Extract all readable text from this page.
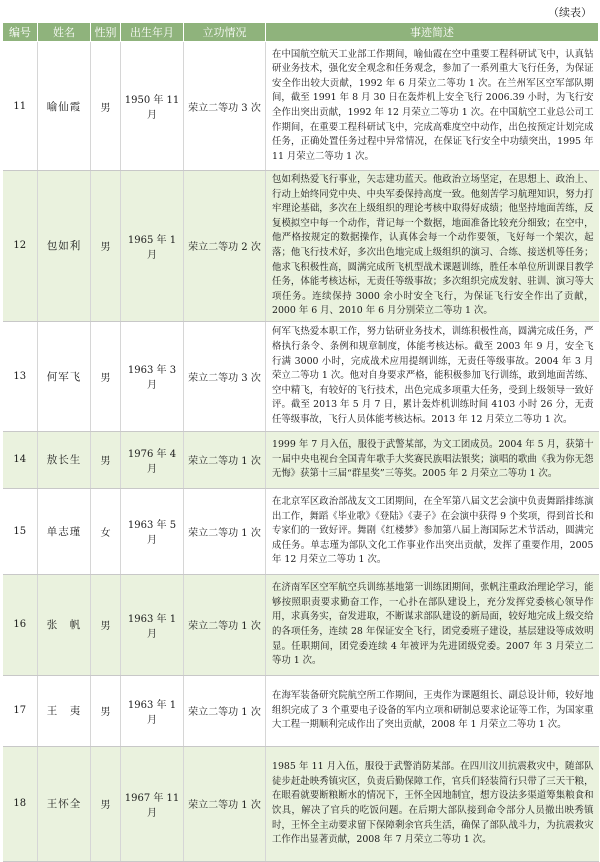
（续表）
编号	姓名	性别	出生年月	立功情况	事迹简述
11	喻仙霞	男	1950 年 11 月	荣立二等功 3 次	在中国航空航天工业部工作期间，喻仙霞在空中重要工程科研试飞中，认真钻研业务技术，强化安全观念和任务观念，参加了一系列重大飞行任务，为保证安全作出较大贡献，1992 年 6 月荣立二等功 1 次。在兰州军区空军部队期间，截至 1991 年 8 月 30 日在轰炸机上安全飞行 2006.39 小时，为飞行安全作出突出贡献，1992 年 12 月荣立二等功 1 次。在中国航空工业总公司工作期间，在重要工程科研试飞中，完成高难度空中动作，出色按预定计划完成任务，正确处置任务过程中异常情况，在保证飞行安全中功绩突出，1995 年 11 月荣立二等功 1 次。
12	包如利	男	1965 年 1 月	荣立二等功 2 次	包如利热爱飞行事业，矢志建功蓝天。他政治立场坚定，在思想上、政治上、行动上始终同党中央、中央军委保持高度一致。他刻苦学习航理知识，努力打牢理论基础，多次在上级组织的理论考核中取得好成绩；他坚持地面苦练，反复模拟空中每一个动作，背记每一个数据，地面准备比较充分细致；在空中，他严格按规定的数据操作，认真体会每一个动作要领，飞好每一个架次，起落；他飞行技术好，多次出色地完成上级组织的演习、合练、接送机等任务；他求飞积极性高，圆满完成所飞机型战术课题训练，胜任本单位所训课目教学任务，体能考核达标，无责任等级事故；多次组织完成发射、驻训、演习等大项任务。连续保持 3000 余小时安全飞行，为保证飞行安全作出了贡献，2000 年 6 月、2010 年 6 月分别荣立二等功 1 次。
13	何军飞	男	1963 年 3 月	荣立二等功 3 次	何军飞热爱本职工作，努力钻研业务技术，训练积极性高，圆满完成任务，严格执行条令、条例和规章制度，体能考核达标。截至 2003 年 9 月，安全飞行满 3000 小时，完成战术应用提纲训练，无责任等级事故。2004 年 3 月荣立二等功 1 次。他对自身要求严格，能积极参加飞行训练，敢到地面苦练、空中精飞，有较好的飞行技术，出色完成多项重大任务，受到上级领导一致好评。截至 2013 年 5 月 7 日，累计轰炸机训练时间 4103 小时 26 分，无责任等级事故，飞行人员体能考核达标。2013 年 12 月荣立二等功 1 次。
14	敖长生	男	1976 年 4 月	荣立二等功 1 次	1999 年 7 月入伍，服役于武警某部，为文工团成员。2004 年 5 月，获第十一届中央电视台全国青年歌手大奖赛民族唱法银奖；演唱的歌曲《我为你无怨无悔》获第十三届“群星奖”三等奖。2005 年 2 月荣立二等功 1 次。
15	单志瑾	女	1963 年 5 月	荣立二等功 1 次	在北京军区政治部战友文工团期间，在全军第八届文艺会演中负责舞蹈排练演出工作，舞蹈《毕业歌》《登陆》《妻子》在会演中获得 9 个奖项，得到首长和专家们的一致好评。舞剧《红楼梦》参加第八届上海国际艺术节活动，圆满完成任务。单志瑾为部队文化工作事业作出突出贡献，发挥了重要作用，2005 年 12 月荣立二等功 1 次。
16	张　帆	男	1963 年 1 月	荣立二等功 1 次	在济南军区空军航空兵训练基地第一训练团期间，张帆注重政治理论学习，能够按照职责要求勤奋工作，一心扑在部队建设上，充分发挥党委核心领导作用，求真务实，奋发进取，不断谋求部队建设的新局面，较好地完成上级交给的各项任务，连续 28 年保证安全飞行，团党委班子建设，基层建设等成效明显。任职期间，团党委连续 4 年被评为先进团级党委。2007 年 3 月荣立二等功 1 次。
17	王　夷	男	1963 年 1 月	荣立二等功 1 次	在海军装备研究院航空所工作期间，王夷作为课题组长、副总设计师，较好地组织完成了 3 个重要电子设备的军内立项和研制总要求论证等工作，为国家重大工程一期顺利完成作出了突出贡献，2008 年 1 月荣立二等功 1 次。
18	王怀全	男	1967 年 11 月	荣立二等功 1 次	1985 年 11 月入伍，服役于武警消防某部。在四川汶川抗震救灾中，随部队徒步赶赴映秀镇灾区，负责后勤保障工作，官兵们轻装简行只带了三天干粮，在眼看就要断粮断水的情况下，王怀全因地制宜，想方设法多渠道筹集粮食和饮具，解决了官兵的吃饭问题。在后期大部队接到命令部分人员撤出映秀镇时，王怀全主动要求留下保障剩余官兵生活，确保了部队战斗力，为抗震救灾工作作出显著贡献，2008 年 7 月荣立二等功 1 次。
